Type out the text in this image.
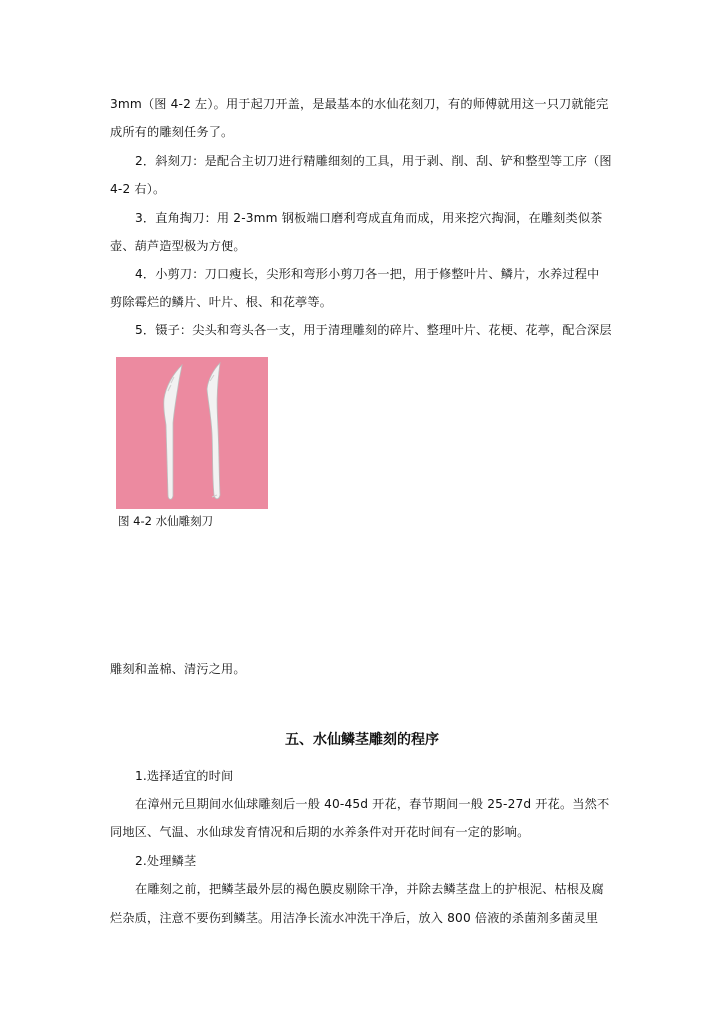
3mm（图 4-2 左）。用于起刀开盖，是最基本的水仙花刻刀，有的师傅就用这一只刀就能完
成所有的雕刻任务了。
2．斜刻刀：是配合主切刀进行精雕细刻的工具，用于剥、削、刮、铲和整型等工序（图
4-2 右）。
3．直角掏刀：用 2-3mm 钢板端口磨利弯成直角而成，用来挖穴掏洞，在雕刻类似茶
壶、葫芦造型极为方便。
4．小剪刀：刀口瘦长，尖形和弯形小剪刀各一把，用于修整叶片、鳞片，水养过程中
剪除霉烂的鳞片、叶片、根、和花葶等。
5．镊子：尖头和弯头各一支，用于清理雕刻的碎片、整理叶片、花梗、花葶，配合深层
图 4-2 水仙雕刻刀
雕刻和盖棉、清污之用。
五、水仙鳞茎雕刻的程序
1.选择适宜的时间
在漳州元旦期间水仙球雕刻后一般 40-45d 开花，春节期间一般 25-27d 开花。当然不
同地区、气温、水仙球发育情况和后期的水养条件对开花时间有一定的影响。
2.处理鳞茎
在雕刻之前，把鳞茎最外层的褐色膜皮剔除干净，并除去鳞茎盘上的护根泥、枯根及腐
烂杂质，注意不要伤到鳞茎。用洁净长流水冲洗干净后，放入 800 倍液的杀菌剂多菌灵里
